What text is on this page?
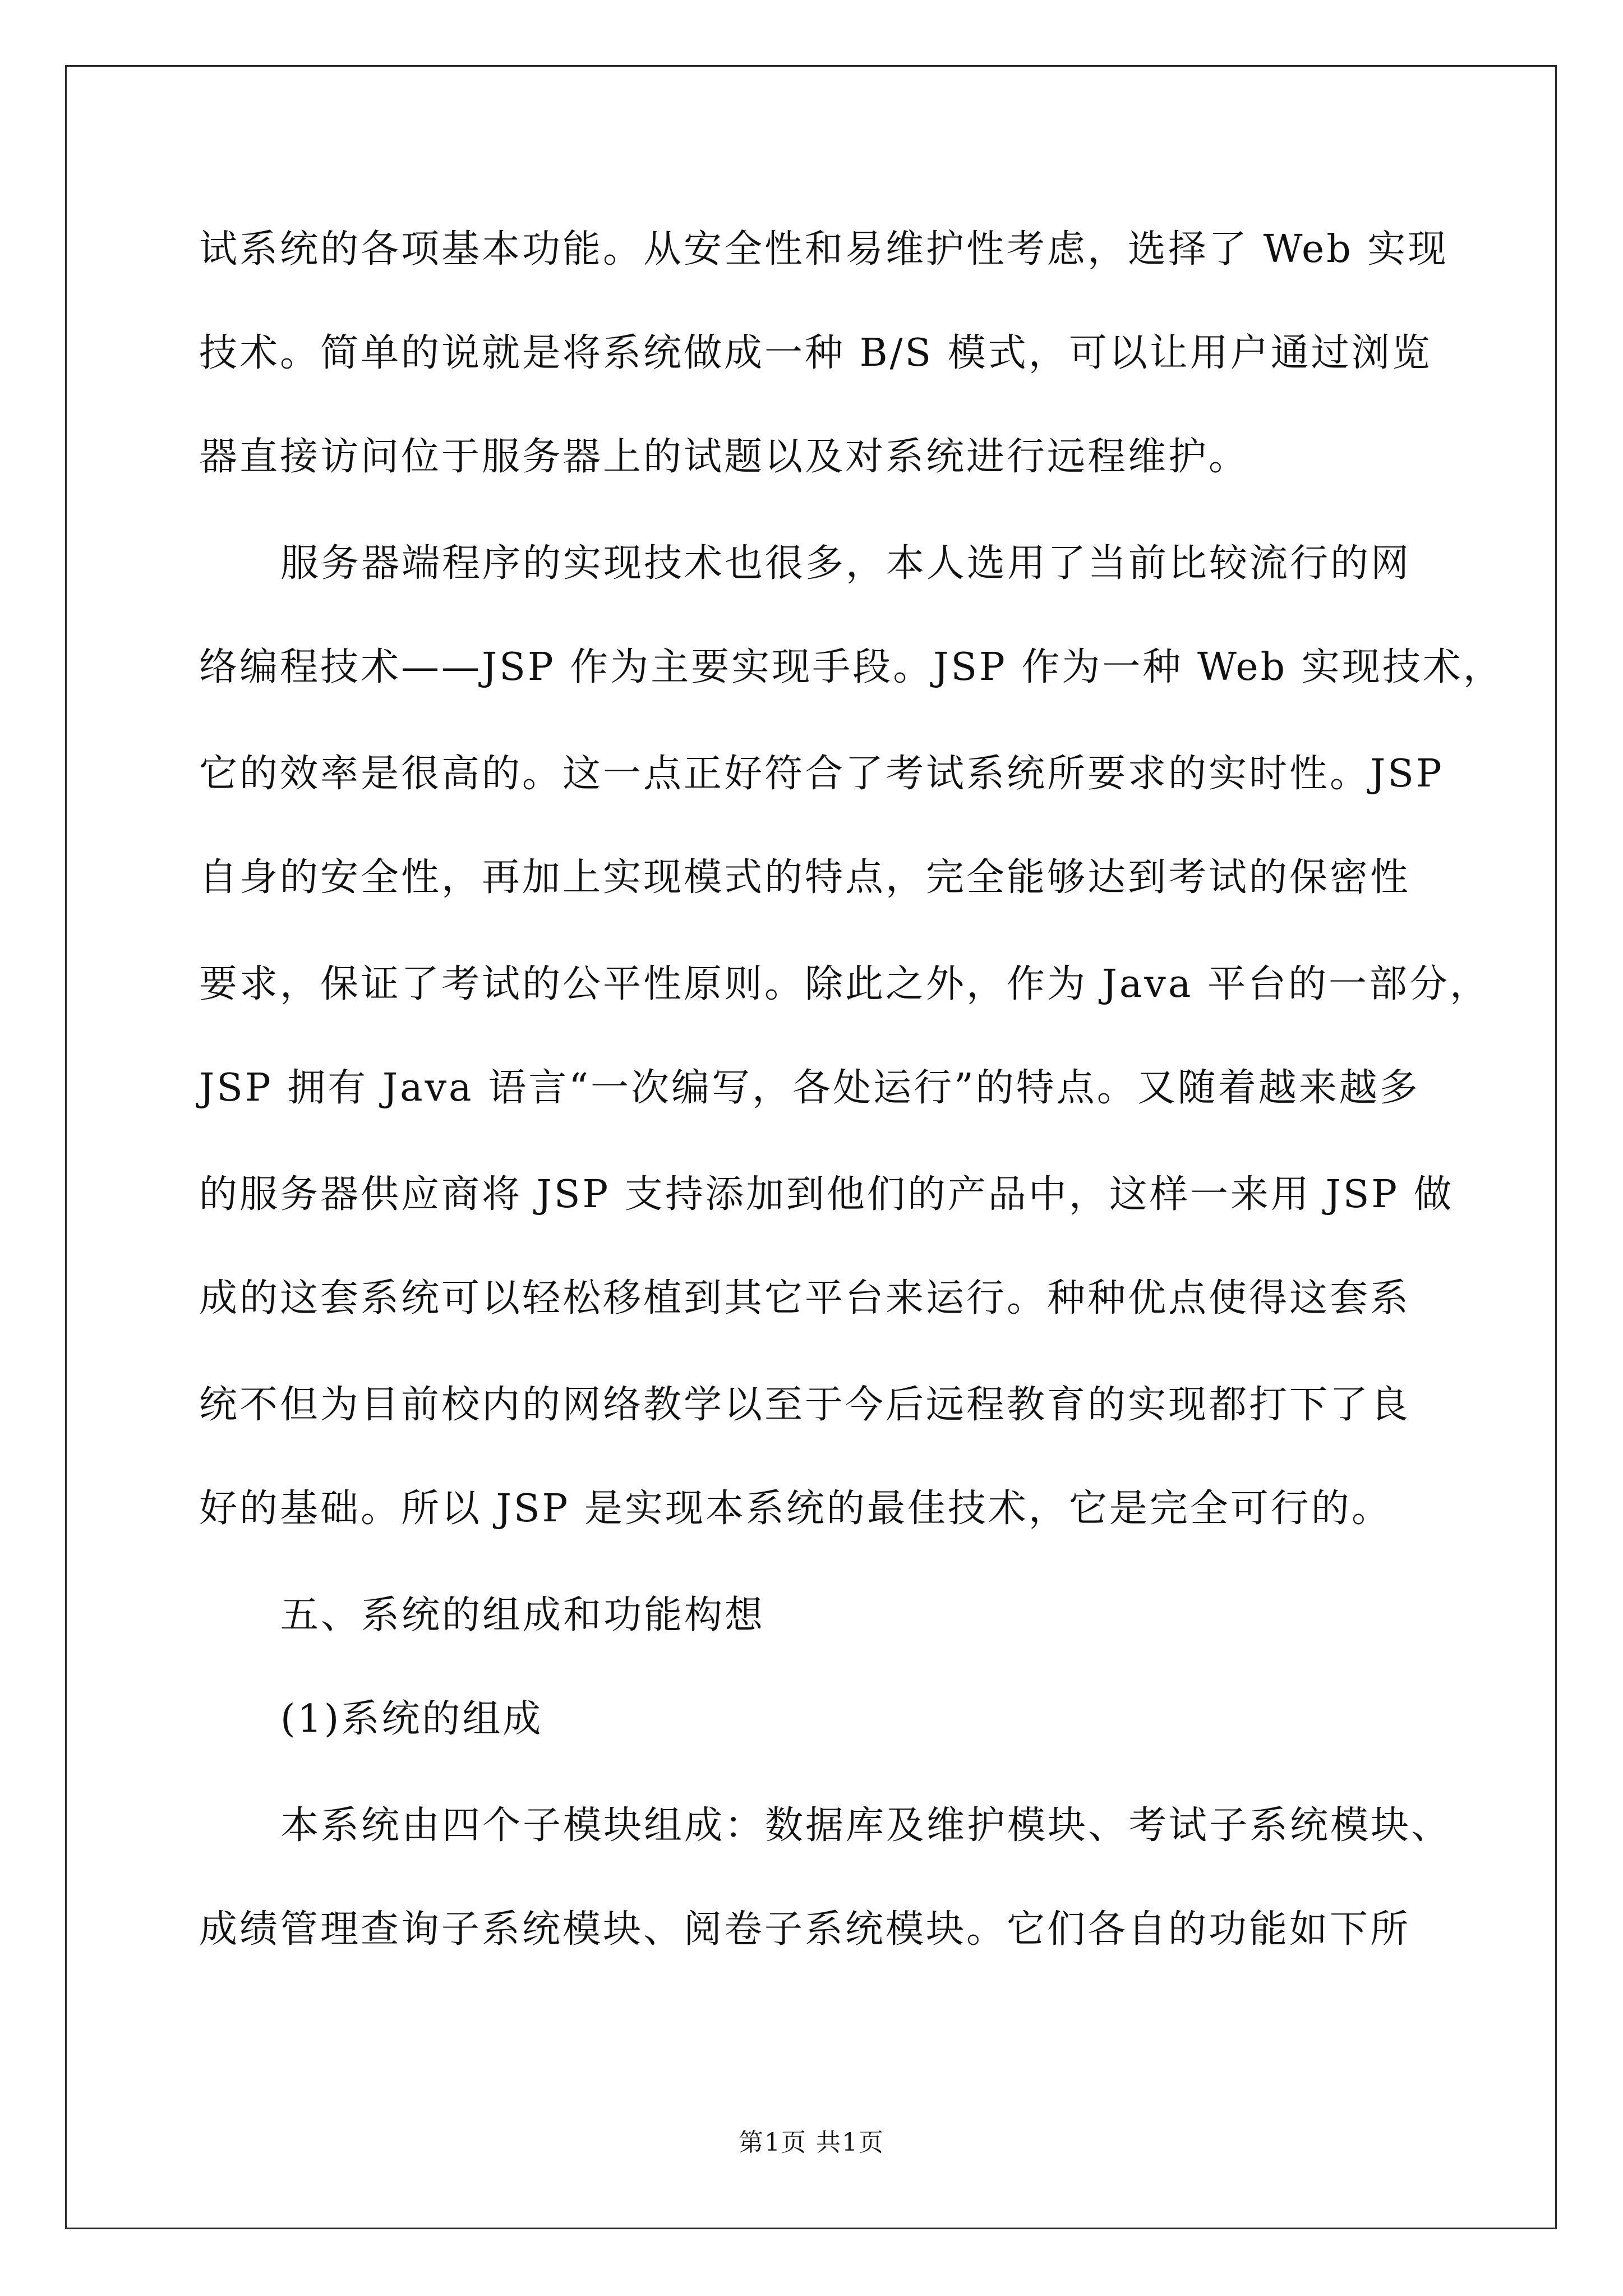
试系统的各项基本功能。从安全性和易维护性考虑，选择了 Web 实现
技术。简单的说就是将系统做成一种 B/S 模式，可以让用户通过浏览
器直接访问位于服务器上的试题以及对系统进行远程维护。
服务器端程序的实现技术也很多，本人选用了当前比较流行的网
络编程技术——JSP 作为主要实现手段。JSP 作为一种 Web 实现技术，
它的效率是很高的。这一点正好符合了考试系统所要求的实时性。JSP
自身的安全性，再加上实现模式的特点，完全能够达到考试的保密性
要求，保证了考试的公平性原则。除此之外，作为 Java 平台的一部分，
JSP 拥有 Java 语言“一次编写，各处运行”的特点。又随着越来越多
的服务器供应商将 JSP 支持添加到他们的产品中，这样一来用 JSP 做
成的这套系统可以轻松移植到其它平台来运行。种种优点使得这套系
统不但为目前校内的网络教学以至于今后远程教育的实现都打下了良
好的基础。所以 JSP 是实现本系统的最佳技术，它是完全可行的。
五、系统的组成和功能构想
(1)系统的组成
本系统由四个子模块组成：数据库及维护模块、考试子系统模块、
成绩管理查询子系统模块、阅卷子系统模块。它们各自的功能如下所
第1页 共1页
